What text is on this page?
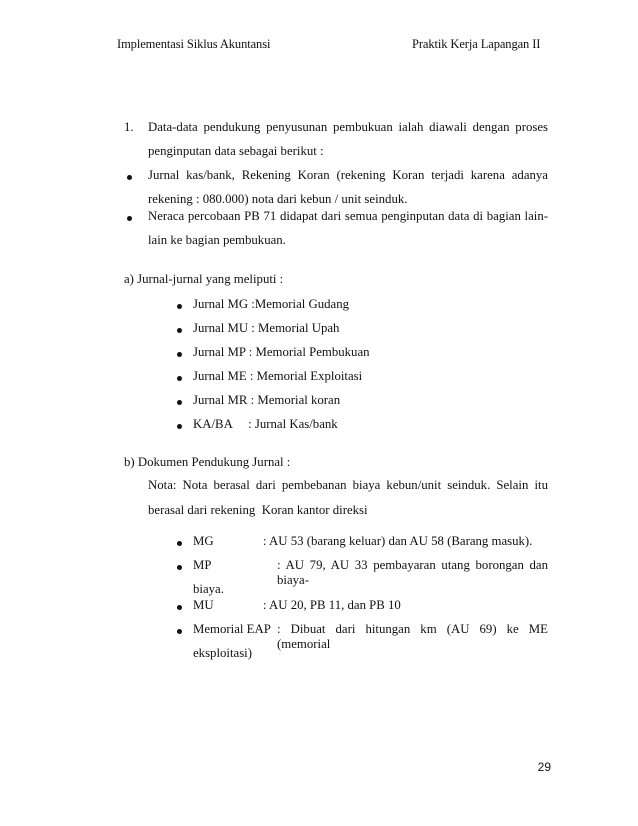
Implementasi Siklus Akuntansi	Praktik Kerja Lapangan II
1. Data-data pendukung penyusunan pembukuan ialah diawali dengan proses
penginputan data sebagai berikut :
Jurnal kas/bank, Rekening Koran (rekening Koran terjadi karena adanya
rekening : 080.000) nota dari kebun / unit seinduk.
Neraca percobaan PB 71 didapat dari semua penginputan data di bagian lain-
lain ke bagian pembukuan.
a) Jurnal-jurnal yang meliputi :
Jurnal MG :Memorial Gudang
Jurnal MU : Memorial Upah
Jurnal MP : Memorial Pembukuan
Jurnal ME : Memorial Exploitasi
Jurnal MR : Memorial koran
KA/BA     : Jurnal Kas/bank
b) Dokumen Pendukung Jurnal :
Nota: Nota berasal dari pembebanan biaya kebun/unit seinduk. Selain itu
berasal dari rekening  Koran kantor direksi
MG	: AU 53 (barang keluar) dan AU 58 (Barang masuk).
MP	: AU 79, AU 33 pembayaran utang borongan dan biaya-
biaya.
MU	: AU 20, PB 11, dan PB 10
Memorial EAP : Dibuat dari hitungan km (AU 69) ke ME (memorial
eksploitasi)
29
